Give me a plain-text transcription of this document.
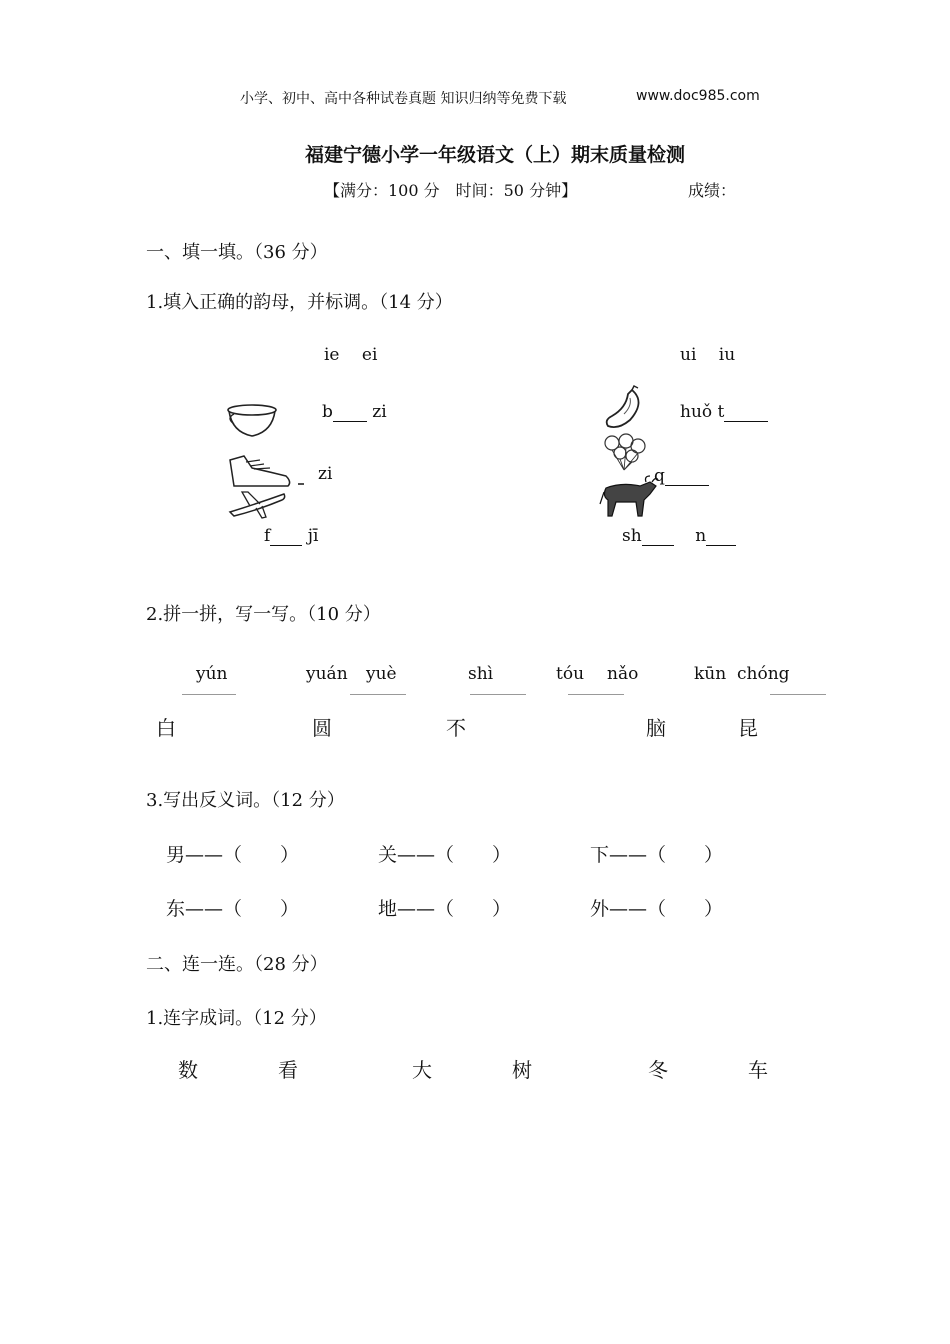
小学、初中、高中各种试卷真题 知识归纳等免费下载	www.doc985.com
福建宁德小学一年级语文（上）期末质量检测
【满分：100 分　时间：50 分钟】	成绩：
一、填一填。（36 分）
1.填入正确的韵母，并标调。（14 分）
ie　 ei	ui　 iu
b zi
zi
f jī
huǒ t
q
sh    n
2.拼一拼，写一写。（10 分）
yún	yuán yuè	shì	tóu nǎo	kūn chóng
白	圆	不	脑	昆
3.写出反义词。（12 分）
男——（　　）	关——（　　）	下——（　　）
东——（　　）	地——（　　）	外——（　　）
二、连一连。（28 分）
1.连字成词。（12 分）
数	看	大	树	冬	车
